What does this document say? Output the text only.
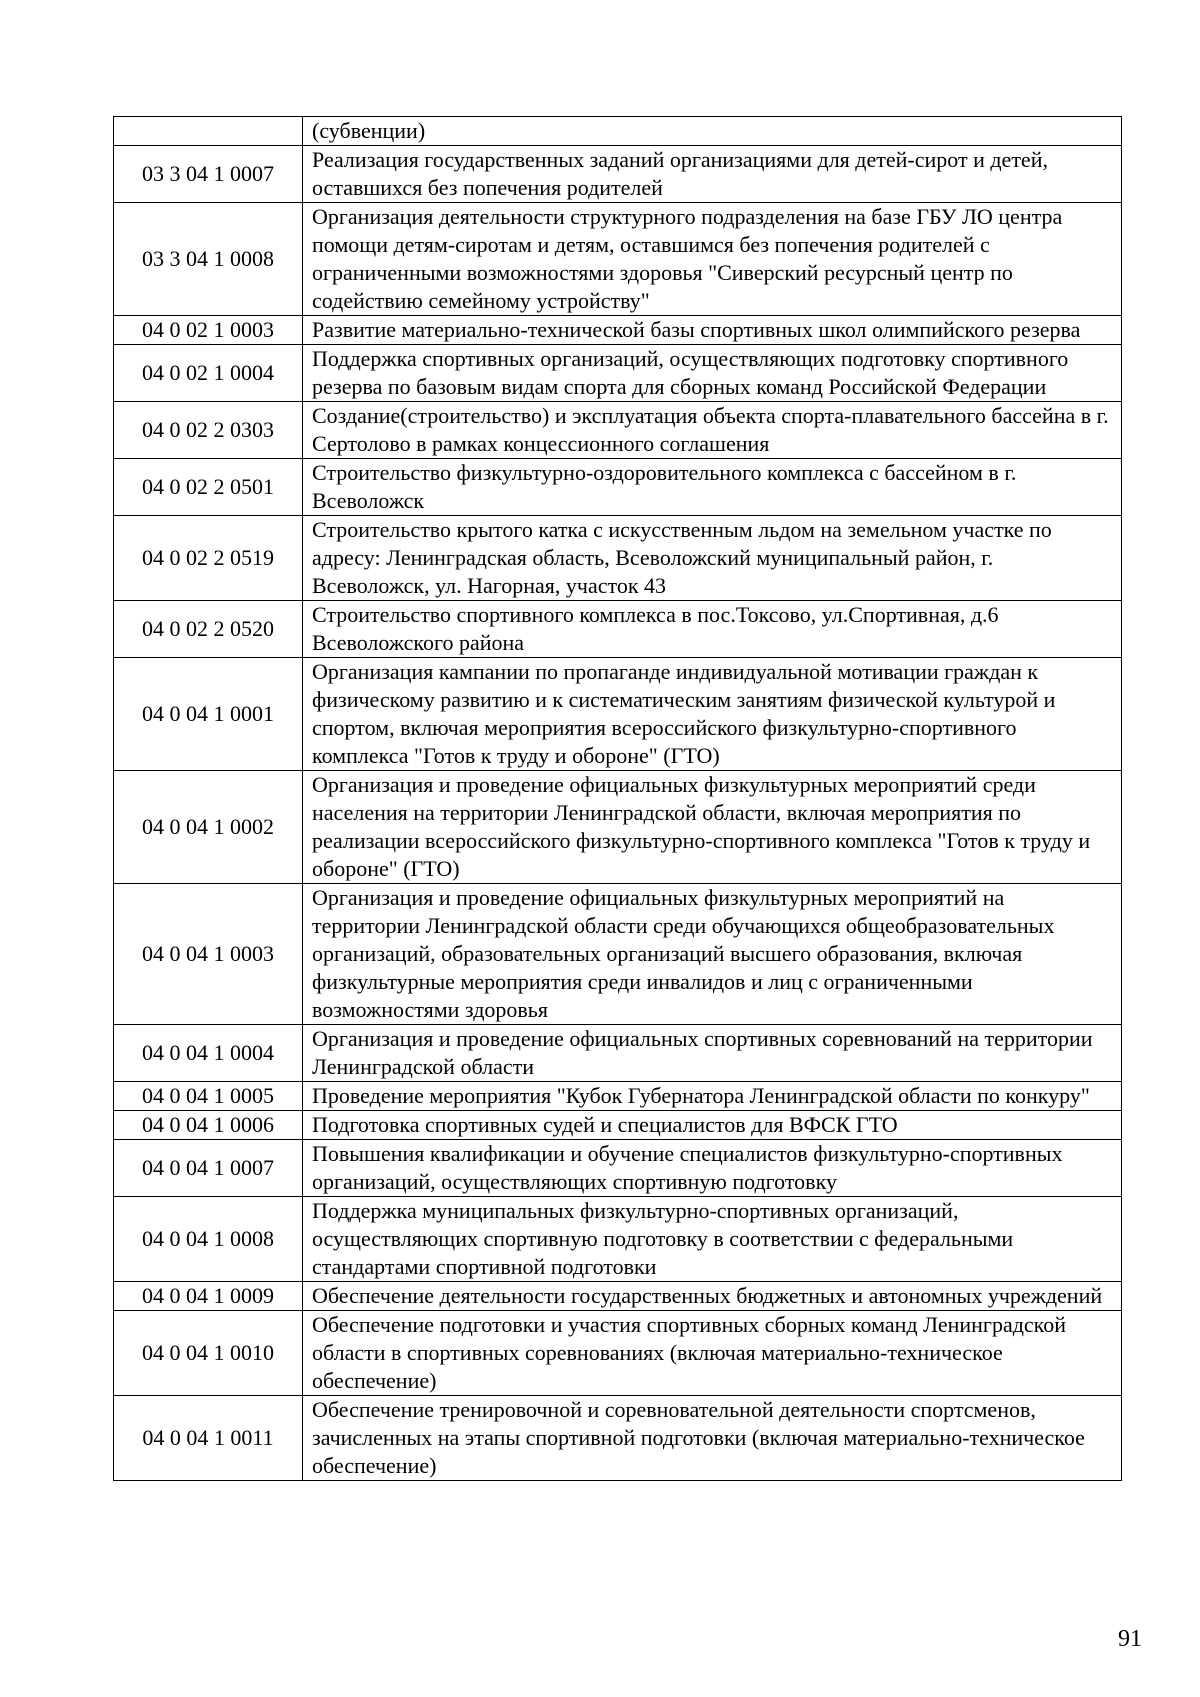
	(субвенции)
03 3 04 1 0007	Реализация государственных заданий организациями для детей-сирот и детей, оставшихся без попечения родителей
03 3 04 1 0008	Организация деятельности структурного подразделения на базе ГБУ ЛО центра помощи детям-сиротам и детям, оставшимся без попечения родителей с ограниченными возможностями здоровья "Сиверский ресурсный центр по содействию семейному устройству"
04 0 02 1 0003	Развитие материально-технической базы спортивных школ олимпийского резерва
04 0 02 1 0004	Поддержка спортивных организаций, осуществляющих подготовку спортивного резерва по базовым видам спорта для сборных команд Российской Федерации
04 0 02 2 0303	Создание(строительство) и эксплуатация объекта спорта-плавательного бассейна в г. Сертолово в рамках концессионного соглашения
04 0 02 2 0501	Строительство физкультурно-оздоровительного комплекса с бассейном в г. Всеволожск
04 0 02 2 0519	Строительство крытого катка с искусственным льдом на земельном участке по адресу: Ленинградская область, Всеволожский муниципальный район, г. Всеволожск, ул. Нагорная, участок 43
04 0 02 2 0520	Строительство спортивного комплекса в пос.Токсово, ул.Спортивная, д.6 Всеволожского района
04 0 04 1 0001	Организация кампании по пропаганде индивидуальной мотивации граждан к физическому развитию и к систематическим занятиям физической культурой и спортом, включая мероприятия всероссийского физкультурно-спортивного комплекса "Готов к труду и обороне" (ГТО)
04 0 04 1 0002	Организация и проведение официальных физкультурных мероприятий среди населения на территории Ленинградской области, включая мероприятия по реализации всероссийского физкультурно-спортивного комплекса "Готов к труду и обороне" (ГТО)
04 0 04 1 0003	Организация и проведение официальных физкультурных мероприятий на территории Ленинградской области среди обучающихся общеобразовательных организаций, образовательных организаций высшего образования, включая физкультурные мероприятия среди инвалидов и лиц с ограниченными возможностями здоровья
04 0 04 1 0004	Организация и проведение официальных спортивных соревнований на территории Ленинградской области
04 0 04 1 0005	Проведение мероприятия "Кубок Губернатора Ленинградской области по конкуру"
04 0 04 1 0006	Подготовка спортивных судей и специалистов для ВФСК ГТО
04 0 04 1 0007	Повышения квалификации и обучение специалистов физкультурно-спортивных организаций, осуществляющих спортивную подготовку
04 0 04 1 0008	Поддержка муниципальных физкультурно-спортивных организаций, осуществляющих спортивную подготовку в соответствии с федеральными стандартами спортивной подготовки
04 0 04 1 0009	Обеспечение деятельности государственных бюджетных и автономных учреждений
04 0 04 1 0010	Обеспечение подготовки и участия спортивных сборных команд Ленинградской области в спортивных соревнованиях (включая материально-техническое обеспечение)
04 0 04 1 0011	Обеспечение тренировочной и соревновательной деятельности спортсменов, зачисленных на этапы спортивной подготовки (включая материально-техническое обеспечение)
91
